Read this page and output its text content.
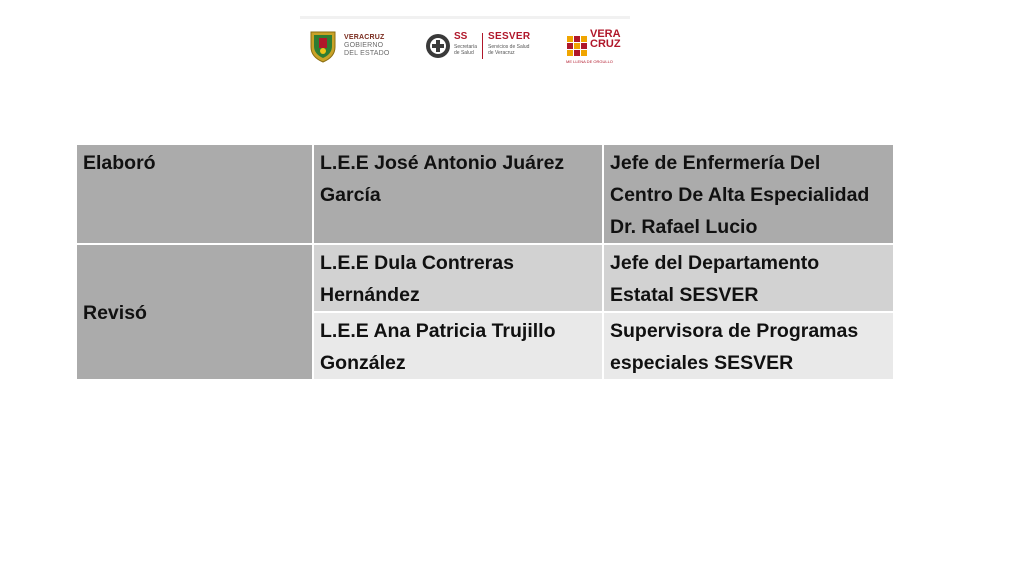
VERACRUZ
GOBIERNO
DEL ESTADO
SS
Secretaría
de Salud
SESVER
Servicios de Salud
de Veracruz
VERA
CRUZ
ME LLENA DE ORGULLO
Elaboró	L.E.E José Antonio Juárez García	Jefe de Enfermería Del Centro De Alta Especialidad Dr. Rafael Lucio
Revisó	L.E.E Dula Contreras Hernández	Jefe del Departamento Estatal SESVER
	L.E.E Ana Patricia Trujillo González	Supervisora de Programas especiales SESVER
